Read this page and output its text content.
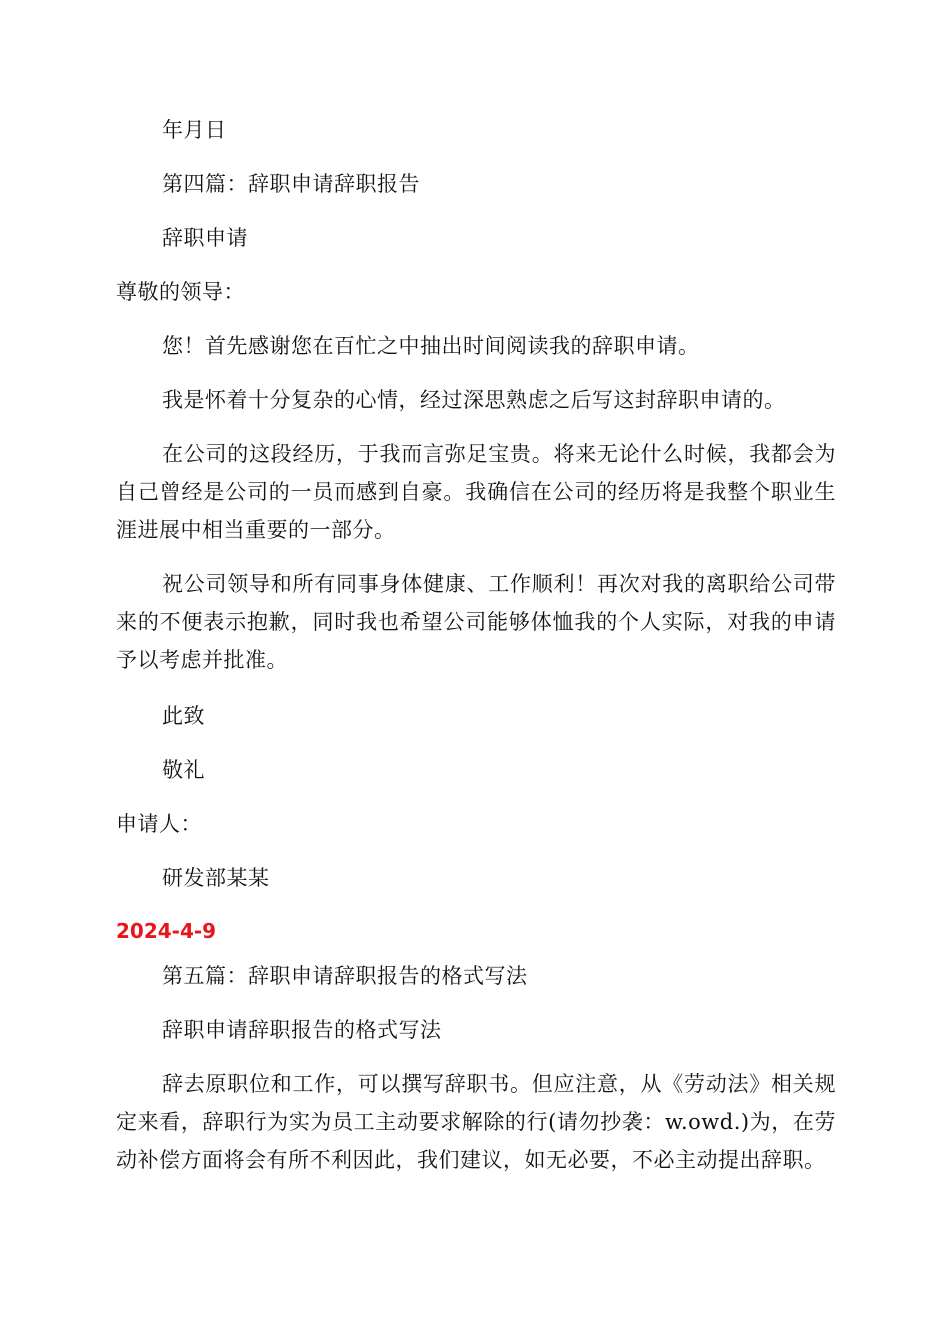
年月日

第四篇：辞职申请辞职报告

辞职申请

尊敬的领导：

您！首先感谢您在百忙之中抽出时间阅读我的辞职申请。

我是怀着十分复杂的心情，经过深思熟虑之后写这封辞职申请的。

在公司的这段经历，于我而言弥足宝贵。将来无论什么时候，我都会为自己曾经是公司的一员而感到自豪。我确信在公司的经历将是我整个职业生涯进展中相当重要的一部分。

祝公司领导和所有同事身体健康、工作顺利！再次对我的离职给公司带来的不便表示抱歉，同时我也希望公司能够体恤我的个人实际，对我的申请予以考虑并批准。

此致

敬礼

申请人：

研发部某某

2024-4-9

第五篇：辞职申请辞职报告的格式写法

辞职申请辞职报告的格式写法

辞去原职位和工作，可以撰写辞职书。但应注意，从《劳动法》相关规定来看，辞职行为实为员工主动要求解除的行(请勿抄袭：w.owd.)为，在劳动补偿方面将会有所不利因此，我们建议，如无必要，不必主动提出辞职。
